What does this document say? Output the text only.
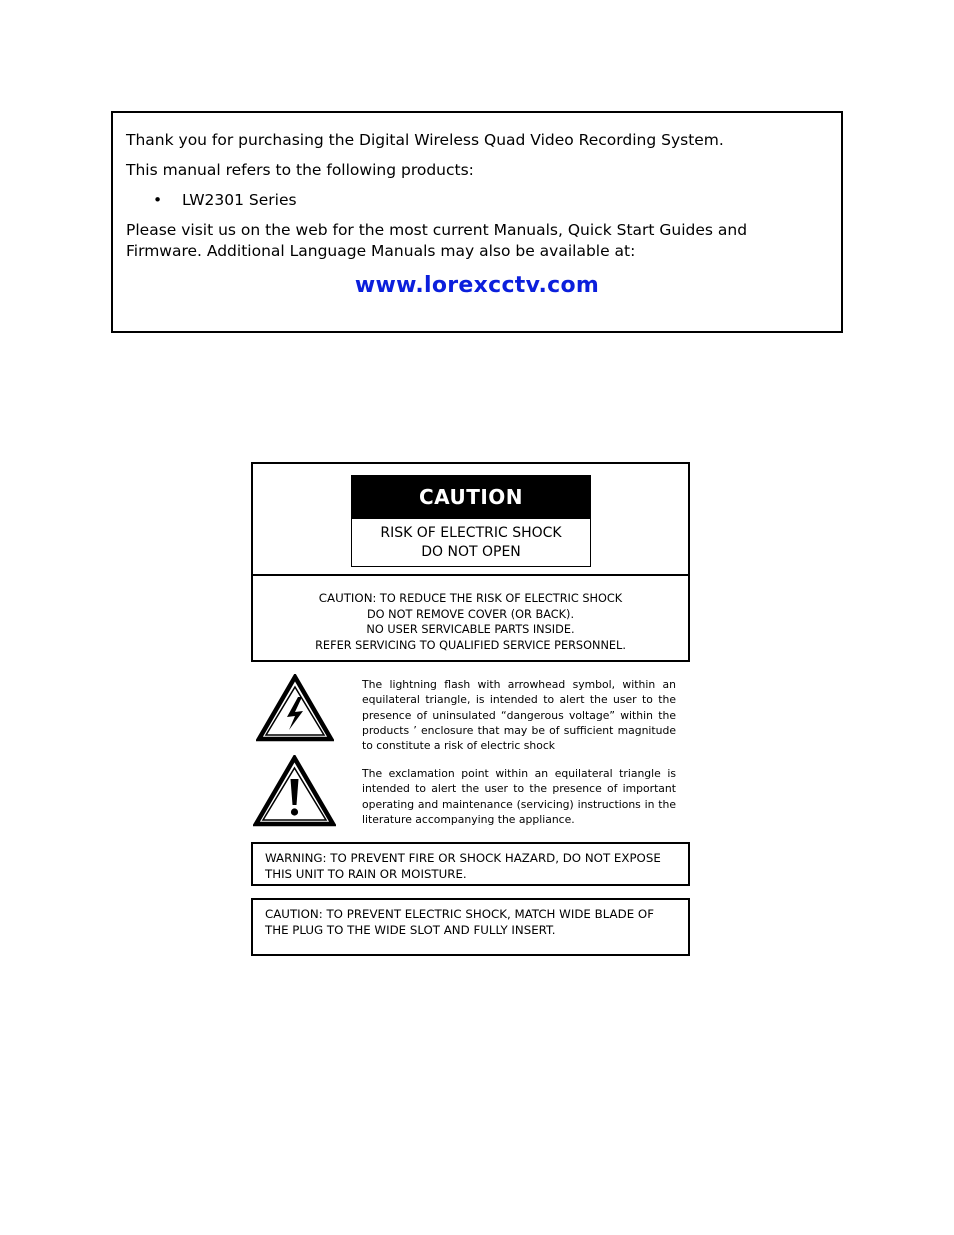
Thank you for purchasing the Digital Wireless Quad Video Recording System.

This manual refers to the following products:

• LW2301 Series

Please visit us on the web for the most current Manuals, Quick Start Guides and Firmware. Additional Language Manuals may also be available at:

www.lorexcctv.com
CAUTION
RISK OF ELECTRIC SHOCK
DO NOT OPEN
CAUTION: TO REDUCE THE RISK OF ELECTRIC SHOCK
DO NOT REMOVE COVER (OR BACK).
NO USER SERVICABLE PARTS INSIDE.
REFER SERVICING TO QUALIFIED SERVICE PERSONNEL.

The lightning flash with arrowhead symbol, within an equilateral triangle, is intended to alert the user to the presence of uninsulated “dangerous voltage” within the products ’ enclosure that may be of sufficient magnitude to constitute a risk of electric shock

The exclamation point within an equilateral triangle is intended to alert the user to the presence of important operating and maintenance (servicing) instructions in the literature accompanying the appliance.

WARNING: TO PREVENT FIRE OR SHOCK HAZARD, DO NOT EXPOSE THIS UNIT TO RAIN OR MOISTURE.

CAUTION: TO PREVENT ELECTRIC SHOCK, MATCH WIDE BLADE OF THE PLUG TO THE WIDE SLOT AND FULLY INSERT.
